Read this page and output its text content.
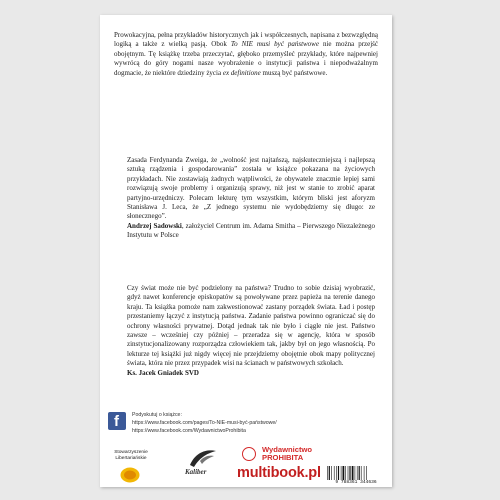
Prowokacyjna, pełna przykładów historycznych jak i współczesnych, napisana z bezwzględną logiką a także z wielką pasją. Obok To NIE musi być państwowe nie można przejść obojętnym. Tę książkę trzeba przeczytać, głęboko przemyśleć przykłady, które najpewniej wywrócą do góry nogami nasze wyobrażenie o instytucji państwa i niepodważalnym dogmacie, że niektóre dziedziny życia ex definitione muszą być państwowe.

Zasada Ferdynanda Zweiga, że „wolność jest najtańszą, najskuteczniejszą i najlepszą sztuką rządzenia i gospodarowania” została w książce pokazana na życiowych przykładach. Nie zostawiają żadnych wątpliwości, że obywatele znacznie lepiej sami rozwiązują swoje problemy i organizują sprawy, niż jest w stanie to zrobić aparat partyjno-urzędniczy. Polecam lekturę tym wszystkim, którym bliski jest aforyzm Stanisława J. Leca, że „Z jednego systemu nie wydobędziemy się długo: ze słonecznego”.
Andrzej Sadowski, założyciel Centrum im. Adama Smitha – Pierwszego Niezależnego Instytutu w Polsce
Czy świat może nie być podzielony na państwa? Trudno to sobie dzisiaj wyobrazić, gdyż nawet konferencje episkopatów są powoływane przez papieża na terenie danego kraju. Ta książka pomoże nam zakwestionować zastany porządek świata. Ład i postęp przestaniemy łączyć z instytucją państwa. Zadanie państwa powinno ograniczać się do ochrony własności prywatnej. Dotąd jednak tak nie było i ciągle nie jest. Państwo zawsze – wcześniej czy później – przeradza się w agencję, która w sposób zinstytucjonalizowany rozporządza człowiekiem tak, jakby był on jego własnością. Po lekturze tej książki już nigdy więcej nie przejdziemy obojętnie obok mapy politycznej świata, która nie przez przypadek wisi na ścianach w państwowych szkołach.
Ks. Jacek Gniadek SVD
f	Podyskutuj o książce:
https://www.facebook.com/pages/To-NIE-musi-być-państwowe/
https://www.facebook.com/WydawnictwoProhibita
Stowarzyszenie Libertariańskie
Kaliber
Wydawnictwo
PROHIBITA
multibook.pl
9 788361 344636
